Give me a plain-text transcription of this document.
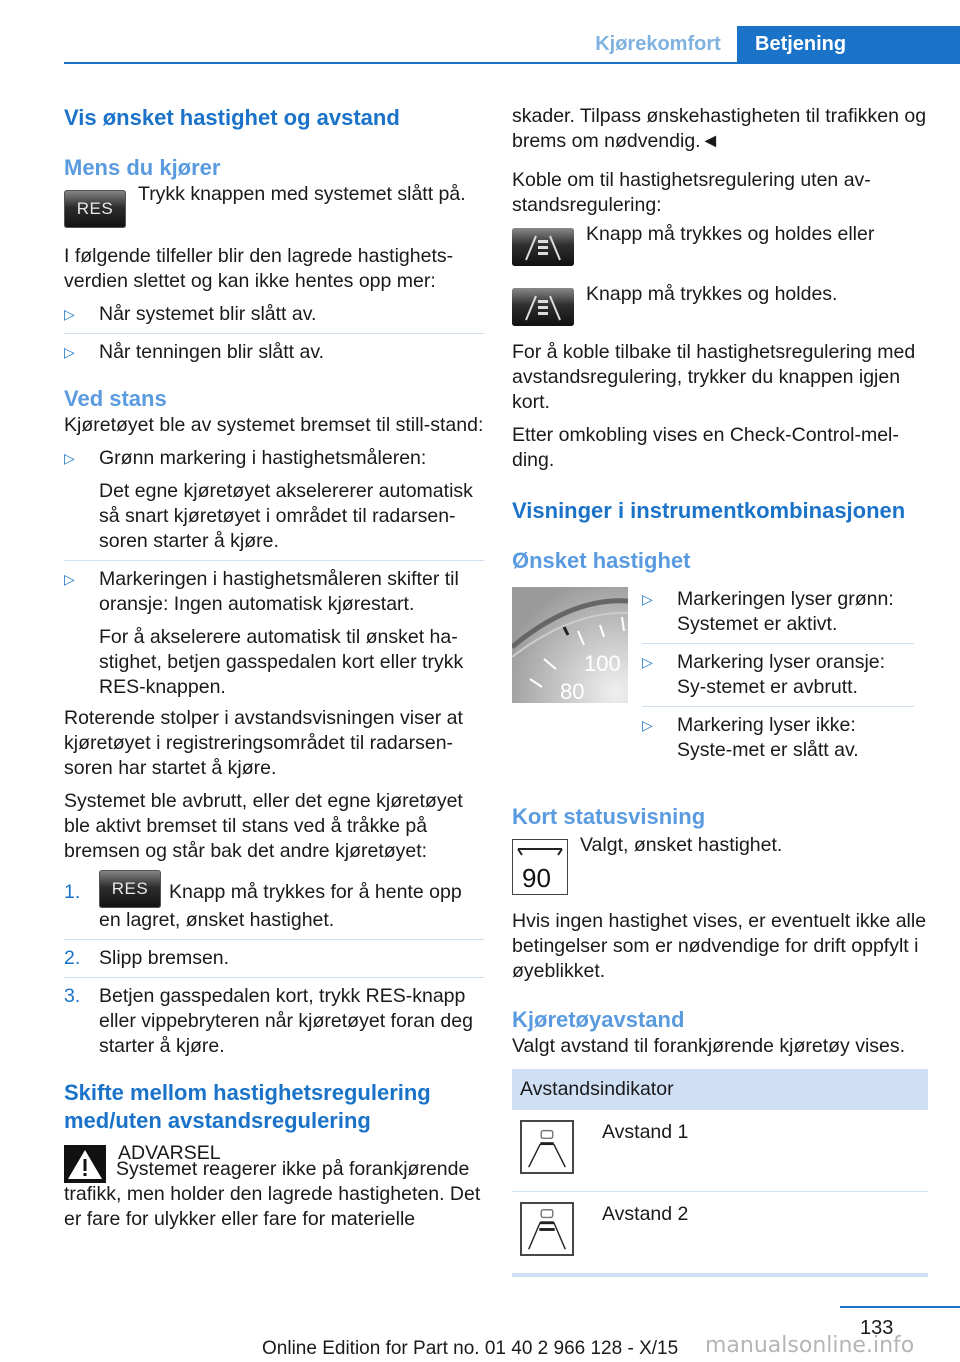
Kjørekomfort	Betjening
Vis ønsket hastighet og avstand
Mens du kjører
RES
Trykk knappen med systemet slått på.

I følgende tilfeller blir den lagrede hastighets-verdien slettet og kan ikke hentes opp mer:

▷ Når systemet blir slått av.
▷ Når tenningen blir slått av.
Ved stans

Kjøretøyet ble av systemet bremset til still-stand:

▷ Grønn markering i hastighetsmåleren:

Det egne kjøretøyet akselererer automatisk så snart kjøretøyet i området til radarsen-soren starter å kjøre.

▷ Markeringen i hastighetsmåleren skifter til oransje: Ingen automatisk kjørestart.

For å akselerere automatisk til ønsket ha-stighet, betjen gasspedalen kort eller trykk RES-knappen.

Roterende stolper i avstandsvisningen viser at kjøretøyet i registreringsområdet til radarsen-soren har startet å kjøre.

Systemet ble avbrutt, eller det egne kjøretøyet ble aktivt bremset til stans ved å tråkke på bremsen og står bak det andre kjøretøyet:

1. RES Knapp må trykkes for å hente opp en lagret, ønsket hastighet.
2. Slipp bremsen.
3. Betjen gasspedalen kort, trykk RES-knapp eller vippebryteren når kjøretøyet foran deg starter å kjøre.
Skifte mellom hastighetsregulering med/uten avstandsregulering

ADVARSEL

Systemet reagerer ikke på forankjørende trafikk, men holder den lagrede hastigheten. Det er fare for ulykker eller fare for materielle

skader. Tilpass ønskehastigheten til trafikken og brems om nødvendig.◄

Koble om til hastighetsregulering uten av-standsregulering:

Knapp må trykkes og holdes eller
Knapp må trykkes og holdes.

For å koble tilbake til hastighetsregulering med avstandsregulering, trykker du knappen igjen kort.

Etter omkobling vises en Check-Control-mel-ding.

Visninger i instrumentkombinasjonen
Ønsket hastighet
100
80
▷ Markeringen lyser grønn: Systemet er aktivt.
▷ Markering lyser oransje: Sy-stemet er avbrutt.
▷ Markering lyser ikke: Syste-met er slått av.
Kort statusvisning
90
Valgt, ønsket hastighet.

Hvis ingen hastighet vises, er eventuelt ikke alle betingelser som er nødvendige for drift oppfylt i øyeblikket.

Kjøretøyavstand

Valgt avstand til forankjørende kjøretøy vises.

Avstandsindikator	
	Avstand 1
	Avstand 2
133
Online Edition for Part no. 01 40 2 966 128 - X/15 manualsonline.info
